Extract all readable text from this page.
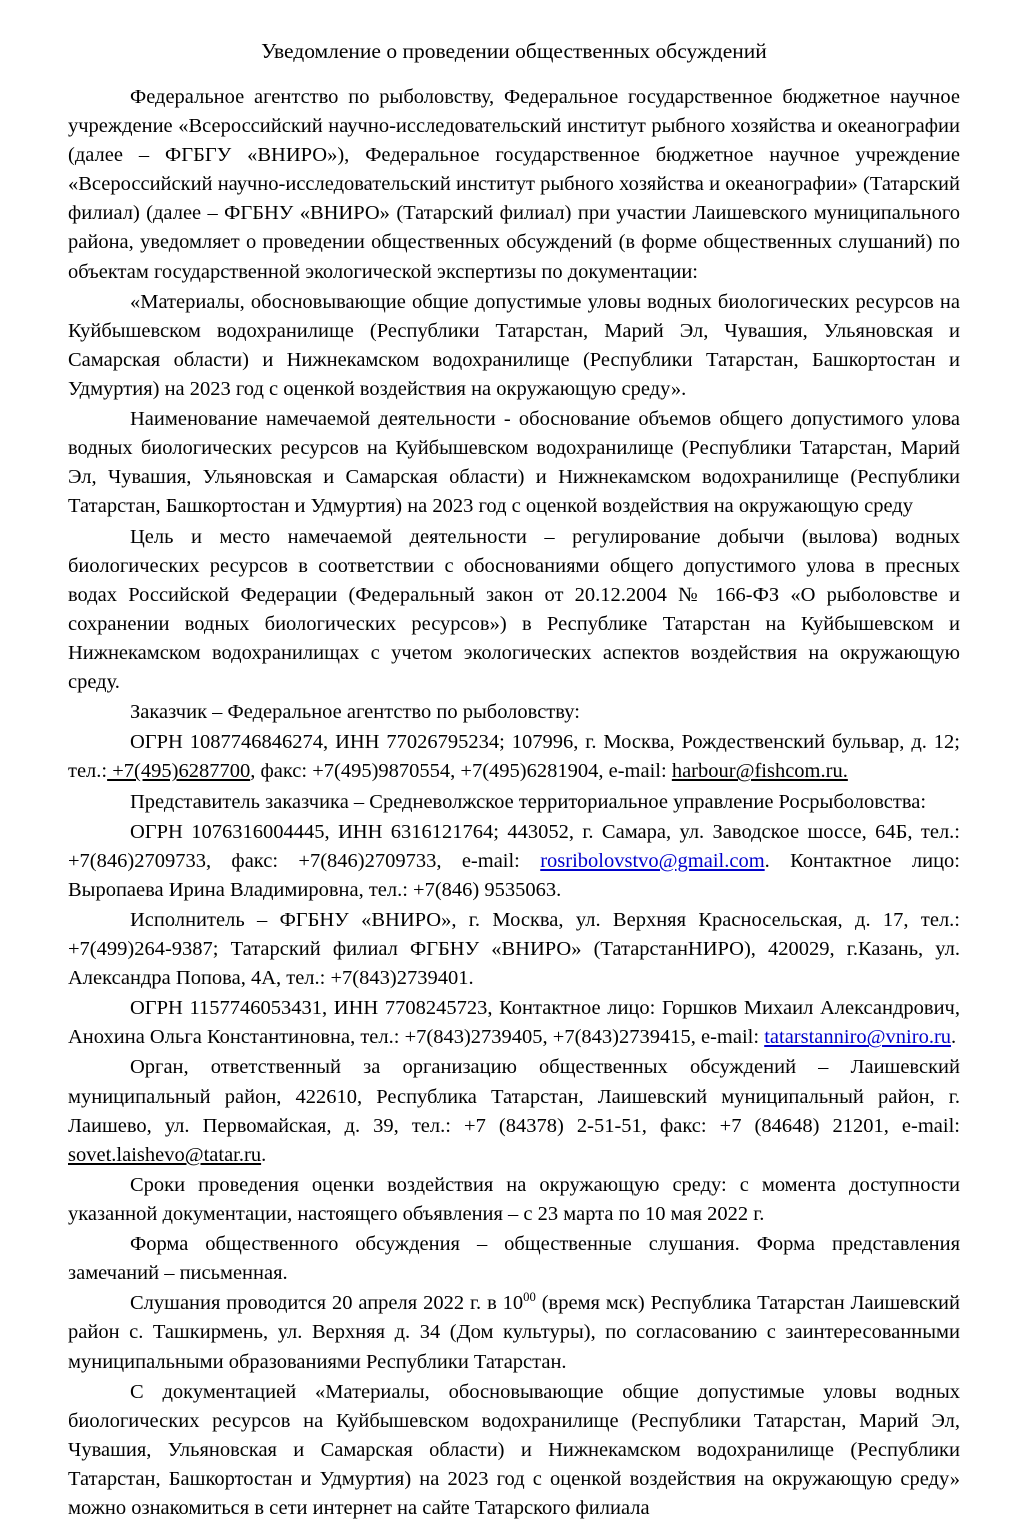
Уведомление о проведении общественных обсуждений

Федеральное агентство по рыболовству, Федеральное государственное бюджетное научное учреждение «Всероссийский научно-исследовательский институт рыбного хозяйства и океанографии (далее – ФГБГУ «ВНИРО»), Федеральное государственное бюджетное научное учреждение «Всероссийский научно-исследовательский институт рыбного хозяйства и океанографии» (Татарский филиал) (далее – ФГБНУ «ВНИРО» (Татарский филиал) при участии Лаишевского муниципального района, уведомляет о проведении общественных обсуждений (в форме общественных слушаний) по объектам государственной экологической экспертизы по документации:

«Материалы, обосновывающие общие допустимые уловы водных биологических ресурсов на Куйбышевском водохранилище (Республики Татарстан, Марий Эл, Чувашия, Ульяновская и Самарская области) и Нижнекамском водохранилище (Республики Татарстан, Башкортостан и Удмуртия) на 2023 год с оценкой воздействия на окружающую среду».

Наименование намечаемой деятельности - обоснование объемов общего допустимого улова водных биологических ресурсов на Куйбышевском водохранилище (Республики Татарстан, Марий Эл, Чувашия, Ульяновская и Самарская области) и Нижнекамском водохранилище (Республики Татарстан, Башкортостан и Удмуртия) на 2023 год с оценкой воздействия на окружающую среду

Цель и место намечаемой деятельности – регулирование добычи (вылова) водных биологических ресурсов в соответствии с обоснованиями общего допустимого улова в пресных водах Российской Федерации (Федеральный закон от 20.12.2004 № 166-ФЗ «О рыболовстве и сохранении водных биологических ресурсов») в Республике Татарстан на Куйбышевском и Нижнекамском водохранилищах с учетом экологических аспектов воздействия на окружающую среду.

Заказчик – Федеральное агентство по рыболовству:

ОГРН 1087746846274, ИНН 77026795234; 107996, г. Москва, Рождественский бульвар, д. 12; тел.: +7(495)6287700, факс: +7(495)9870554, +7(495)6281904, e-mail: harbour@fishcom.ru.

Представитель заказчика – Средневолжское территориальное управление Росрыболовства:

ОГРН 1076316004445, ИНН 6316121764; 443052, г. Самара, ул. Заводское шоссе, 64Б, тел.: +7(846)2709733, факс: +7(846)2709733, e-mail: rosribolovstvo@gmail.com. Контактное лицо: Выропаева Ирина Владимировна, тел.: +7(846) 9535063.

Исполнитель – ФГБНУ «ВНИРО», г. Москва, ул. Верхняя Красносельская, д. 17, тел.: +7(499)264-9387; Татарский филиал ФГБНУ «ВНИРО» (ТатарстанНИРО), 420029, г.Казань, ул. Александра Попова, 4А, тел.: +7(843)2739401.

ОГРН 1157746053431, ИНН 7708245723, Контактное лицо: Горшков Михаил Александрович, Анохина Ольга Константиновна, тел.: +7(843)2739405, +7(843)2739415, e-mail: tatarstanniro@vniro.ru.

Орган, ответственный за организацию общественных обсуждений – Лаишевский муниципальный район, 422610, Республика Татарстан, Лаишевский муниципальный район, г. Лаишево, ул. Первомайская, д. 39, тел.: +7 (84378) 2-51-51, факс: +7 (84648) 21201, e-mail: sovet.laishevo@tatar.ru.

Сроки проведения оценки воздействия на окружающую среду: с момента доступности указанной документации, настоящего объявления – с 23 марта по 10 мая 2022 г.

Форма общественного обсуждения – общественные слушания. Форма представления замечаний – письменная.

Слушания проводится 20 апреля 2022 г. в $10^{00}$ (время мск) Республика Татарстан Лаишевский район с. Ташкирмень, ул. Верхняя д. 34 (Дом культуры), по согласованию с заинтересованными муниципальными образованиями Республики Татарстан.

С документацией «Материалы, обосновывающие общие допустимые уловы водных биологических ресурсов на Куйбышевском водохранилище (Республики Татарстан, Марий Эл, Чувашия, Ульяновская и Самарская области) и Нижнекамском водохранилище (Республики Татарстан, Башкортостан и Удмуртия) на 2023 год с оценкой воздействия на окружающую среду» можно ознакомиться в сети интернет на сайте Татарского филиала
